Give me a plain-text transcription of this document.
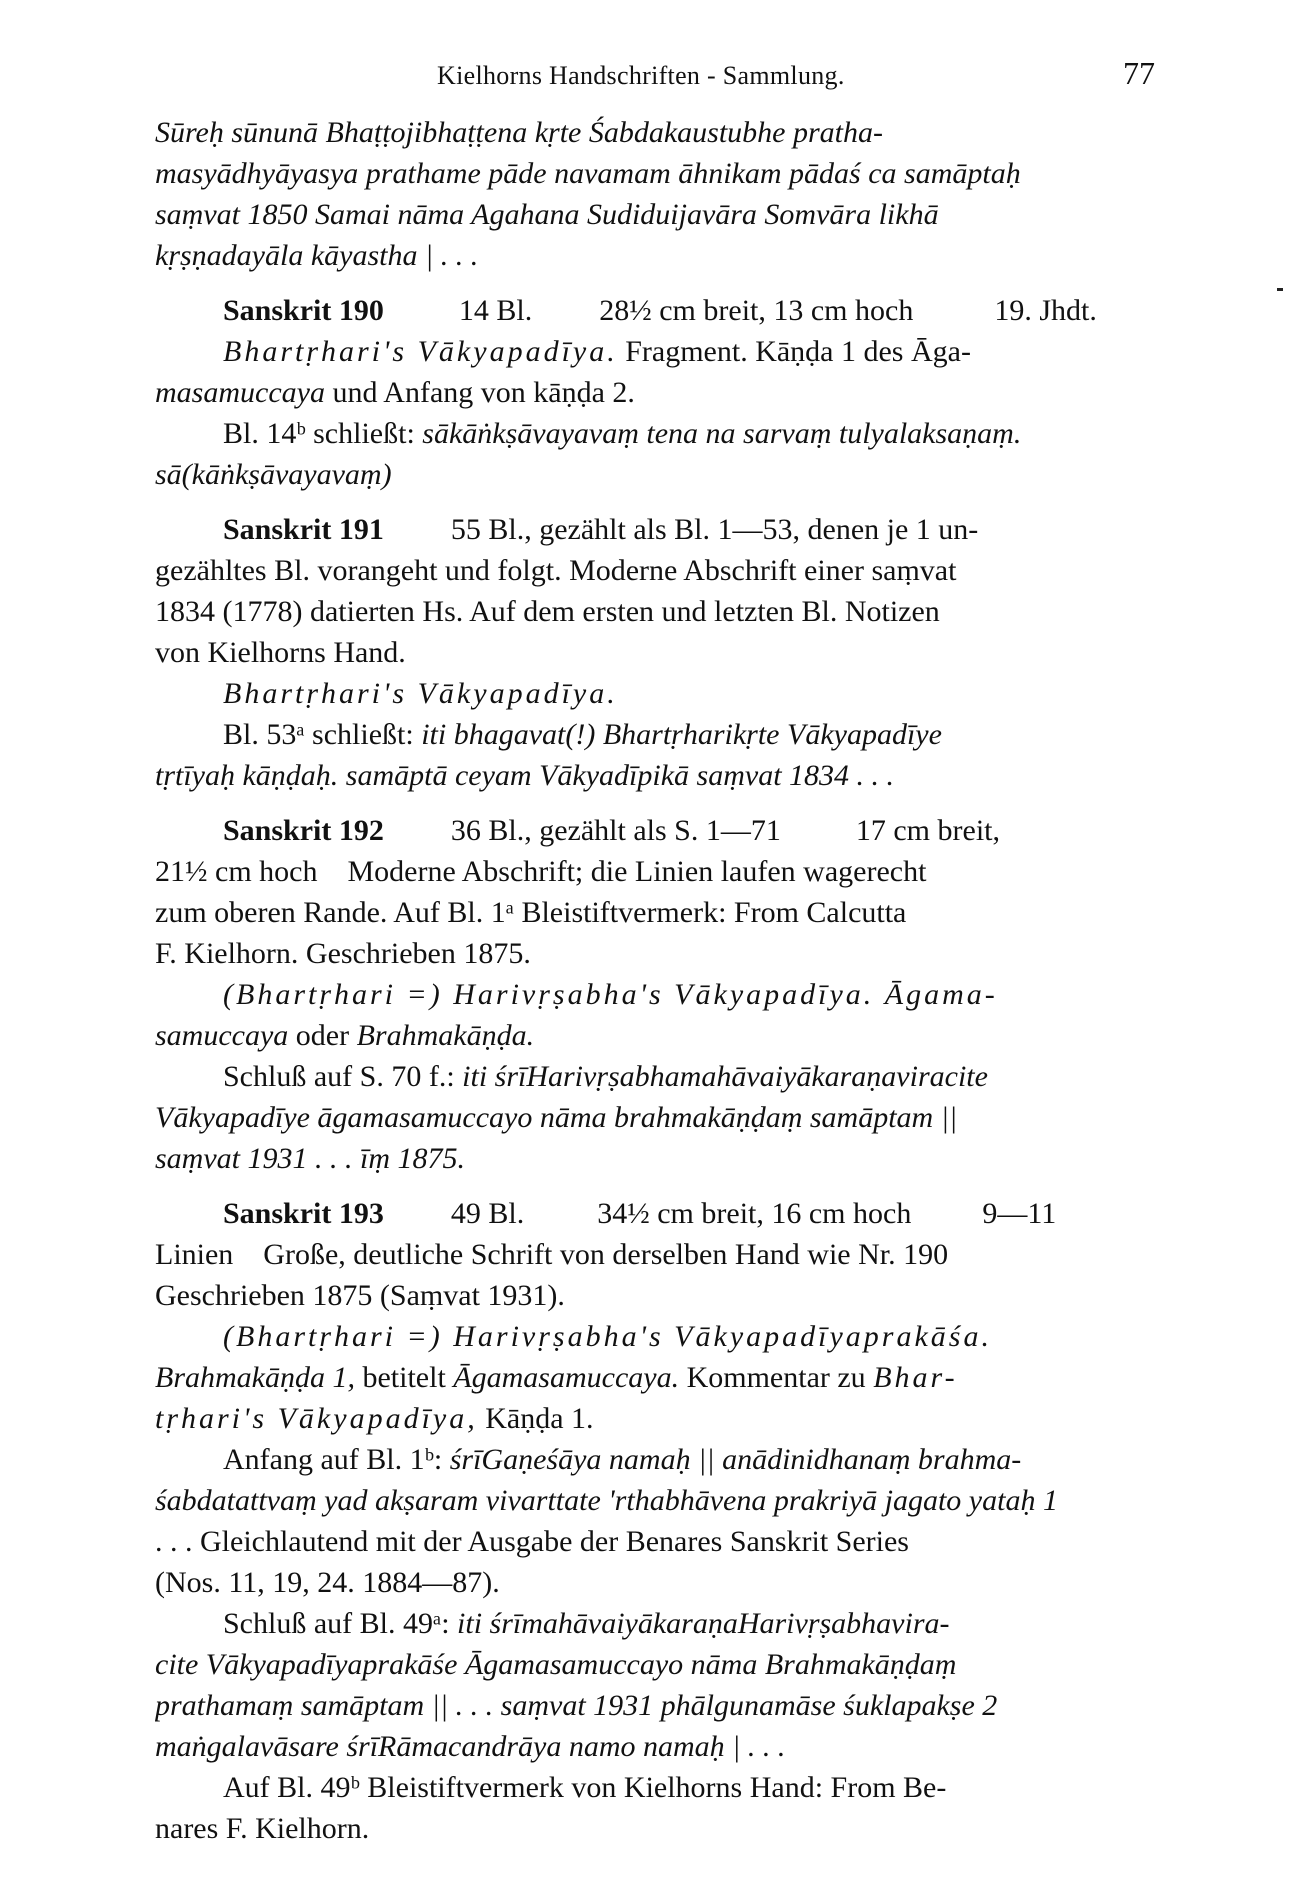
Kielhorns Handschriften - Sammlung.	77
Sūreḥ sūnunā Bhaṭṭojibhaṭṭena kṛte Śabdakaustubhe pratha-
masyādhyāyasya prathame pāde navamam āhnikam pādaś ca samāptaḥ
saṃvat 1850 Samai nāma Agahana Sudiduijavāra Somvāra likhā
kṛṣṇadayāla kāyastha | . . .
Sanskrit 190	14 Bl. 28½ cm breit, 13 cm hoch	19. Jhdt.
Bhartṛhari's Vākyapadīya. Fragment. Kāṇḍa 1 des Āga-
masamuccaya und Anfang von kāṇḍa 2.
Bl. 14ᵇ schließt: sākāṅkṣāvayavaṃ tena na sarvaṃ tulyalaksaṇaṃ.
sā(kāṅkṣāvayavaṃ)
Sanskrit 191 55 Bl., gezählt als Bl. 1—53, denen je 1 un-
gezähltes Bl. vorangeht und folgt. Moderne Abschrift einer saṃvat
1834 (1778) datierten Hs. Auf dem ersten und letzten Bl. Notizen
von Kielhorns Hand.
Bhartṛhari's Vākyapadīya.
Bl. 53ᵃ schließt: iti bhagavat(!) Bhartṛharikṛte Vākyapadīye
tṛtīyaḥ kāṇḍaḥ. samāptā ceyam Vākyadīpikā saṃvat 1834 . . .
Sanskrit 192 36 Bl., gezählt als S. 1—71	17 cm breit,
21½ cm hoch    Moderne Abschrift; die Linien laufen wagerecht
zum oberen Rande. Auf Bl. 1ᵃ Bleistiftvermerk: From Calcutta
F. Kielhorn. Geschrieben 1875.
(Bhartṛhari =) Harivṛṣabha's Vākyapadīya. Āgama-
samuccaya oder Brahmakāṇḍa.
Schluß auf S. 70 f.: iti śrīHarivṛṣabhamahāvaiyākaraṇaviracite
Vākyapadīye āgamasamuccayo nāma brahmakāṇḍaṃ samāptam ||
saṃvat 1931 . . . īṃ 1875.
Sanskrit 193 49 Bl. 34½ cm breit, 16 cm hoch 9—11
Linien    Große, deutliche Schrift von derselben Hand wie Nr. 190
Geschrieben 1875 (Saṃvat 1931).
(Bhartṛhari =) Harivṛṣabha's Vākyapadīyaprakāśa.
Brahmakāṇḍa 1, betitelt Āgamasamuccaya. Kommentar zu Bhar-
tṛhari's Vākyapadīya, Kāṇḍa 1.
Anfang auf Bl. 1ᵇ: śrīGaṇeśāya namaḥ || anādinidhanaṃ brahma-
śabdatattvaṃ yad akṣaram vivarttate 'rthabhāvena prakriyā jagato yataḥ 1
. . . Gleichlautend mit der Ausgabe der Benares Sanskrit Series
(Nos. 11, 19, 24. 1884—87).
Schluß auf Bl. 49ᵃ: iti śrīmahāvaiyākaraṇaHarivṛṣabhavira-
cite Vākyapadīyaprakāśe Āgamasamuccayo nāma Brahmakāṇḍaṃ
prathamaṃ samāptam || . . . saṃvat 1931 phālgunamāse śuklapakṣe 2
maṅgalavāsare śrīRāmacandrāya namo namaḥ | . . .
Auf Bl. 49ᵇ Bleistiftvermerk von Kielhorns Hand: From Be-
nares F. Kielhorn.
